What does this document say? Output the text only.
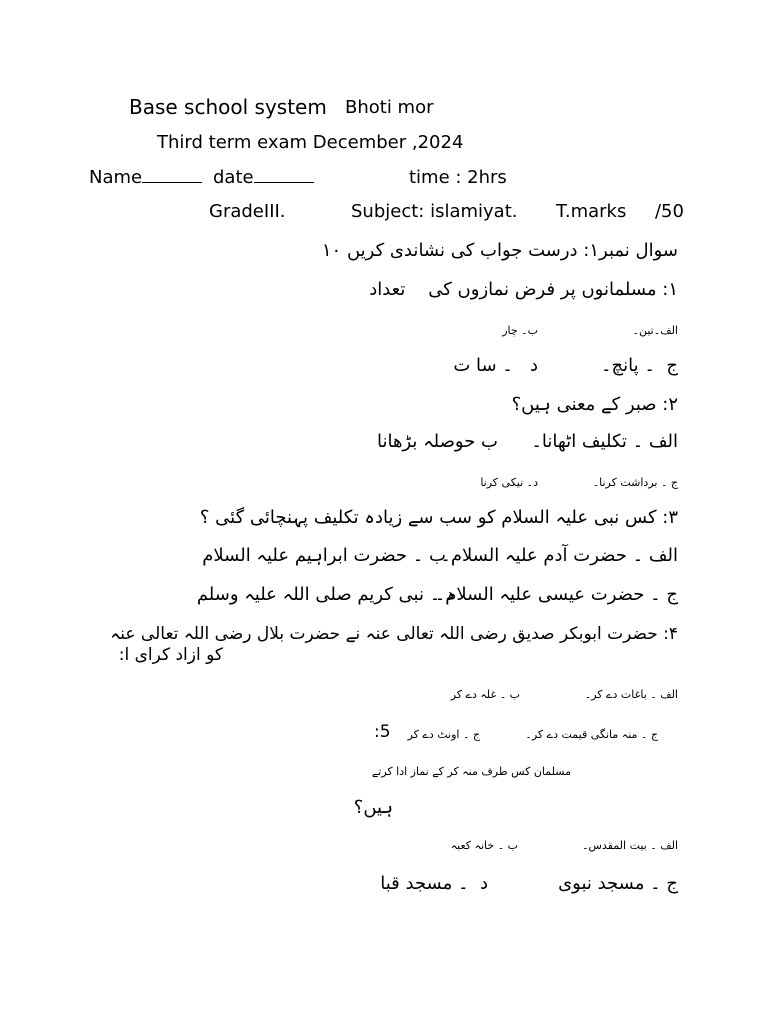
Base school system Bhoti mor
Third term exam December ,2024
Name	date	time : 2hrs
GradeIII.	Subject: islamiyat. T.marks     /50
سوال نمبر۱: درست جواب کی نشاندی کریں ۱۰
۱: مسلمانوں پر فرض نمازوں کی    تعداد
الف۔تین۔
ب۔ چار
ج  ۔ پانچ۔
د   ۔ سا ت
۲: صبر کے معنی ہیں؟
الف ۔ تکلیف اٹھانا۔
ب حوصلہ بڑھانا
ج ۔ برداشت کرنا۔
د۔ نیکی کرنا
۳: کس نبی علیہ السلام کو سب سے زیادہ تکلیف پہنچائی گئی ؟
الف ۔ حضرت آدم علیہ السلام۔
ب ۔ حضرت ابراہیم علیہ السلام
ج ۔ حضرت عیسی علیہ السلام۔
د ۔ نبی کریم صلی اللہ علیہ وسلم
۴: حضرت ابوبکر صدیق رضی اللہ تعالی عنہ نے حضرت بلال رضی اللہ تعالی عنہ
کو ازاد کرای ا:
الف ۔ باغات دے کر۔
ب ۔ غلہ دے کر
ج ۔ منہ مانگی قیمت دے کر۔
ج ۔ اونٹ دے کر
:5
مسلمان کس طرف منہ کر کے نماز ادا کرتے
ہیں؟
الف ۔ بیت المقدس۔
ب ۔ خانہ کعبہ
ج ۔ مسجد نبوی
د  ۔ مسجد قبا
